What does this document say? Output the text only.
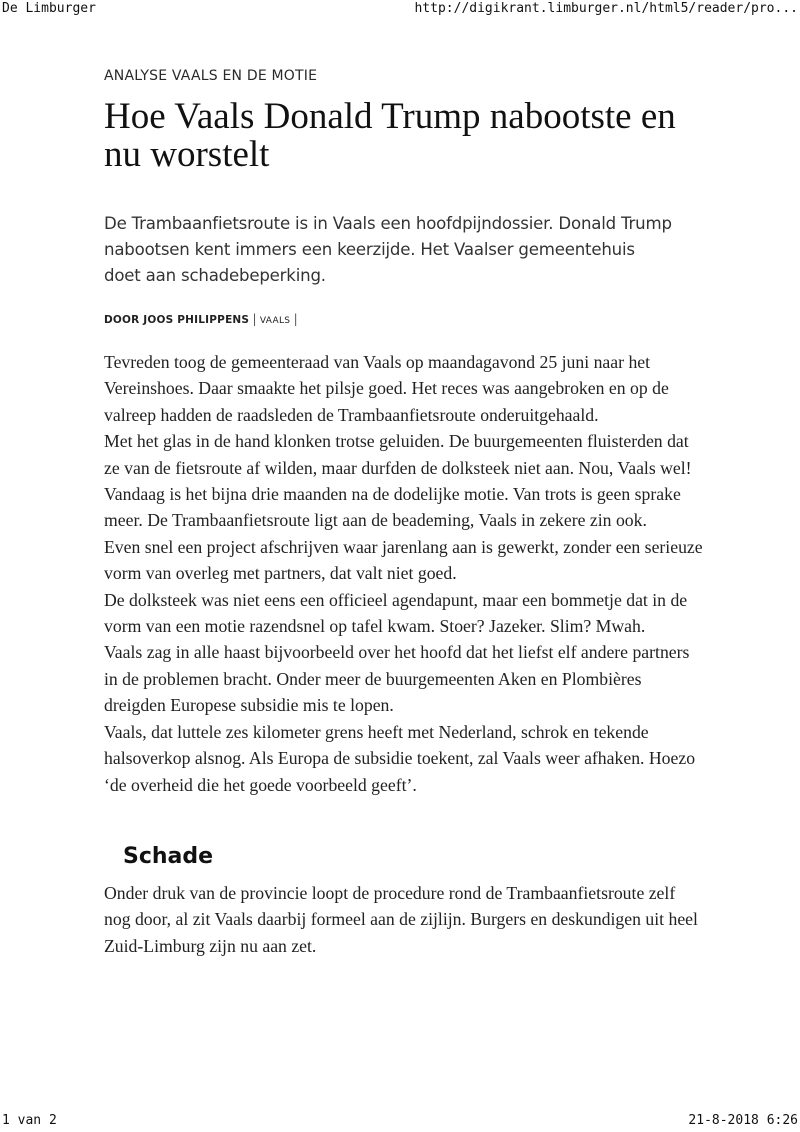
De Limburger	http://digikrant.limburger.nl/html5/reader/pro...
ANALYSE VAALS EN DE MOTIE
Hoe Vaals Donald Trump nabootste en nu worstelt
De Trambaanfietsroute is in Vaals een hoofdpijndossier. Donald Trump nabootsen kent immers een keerzijde. Het Vaalser gemeentehuis doet aan schadebeperking.
DOOR JOOS PHILIPPENS | VAALS |

Tevreden toog de gemeenteraad van Vaals op maandagavond 25 juni naar het Vereinshoes. Daar smaakte het pilsje goed. Het reces was aangebroken en op de valreep hadden de raadsleden de Trambaanfietsroute onderuitgehaald.

Met het glas in de hand klonken trotse geluiden. De buurgemeenten fluisterden dat ze van de fietsroute af wilden, maar durfden de dolksteek niet aan. Nou, Vaals wel!

Vandaag is het bijna drie maanden na de dodelijke motie. Van trots is geen sprake meer. De Trambaanfietsroute ligt aan de beademing, Vaals in zekere zin ook.

Even snel een project afschrijven waar jarenlang aan is gewerkt, zonder een serieuze vorm van overleg met partners, dat valt niet goed.

De dolksteek was niet eens een officieel agendapunt, maar een bommetje dat in de vorm van een motie razendsnel op tafel kwam. Stoer? Jazeker. Slim? Mwah.

Vaals zag in alle haast bijvoorbeeld over het hoofd dat het liefst elf andere partners in de problemen bracht. Onder meer de buurgemeenten Aken en Plombières dreigden Europese subsidie mis te lopen.

Vaals, dat luttele zes kilometer grens heeft met Nederland, schrok en tekende halsoverkop alsnog. Als Europa de subsidie toekent, zal Vaals weer afhaken. Hoezo ‘de overheid die het goede voorbeeld geeft’.

Schade

Onder druk van de provincie loopt de procedure rond de Trambaanfietsroute zelf nog door, al zit Vaals daarbij formeel aan de zijlijn. Burgers en deskundigen uit heel Zuid-Limburg zijn nu aan zet.

1 van 2	21-8-2018 6:26
